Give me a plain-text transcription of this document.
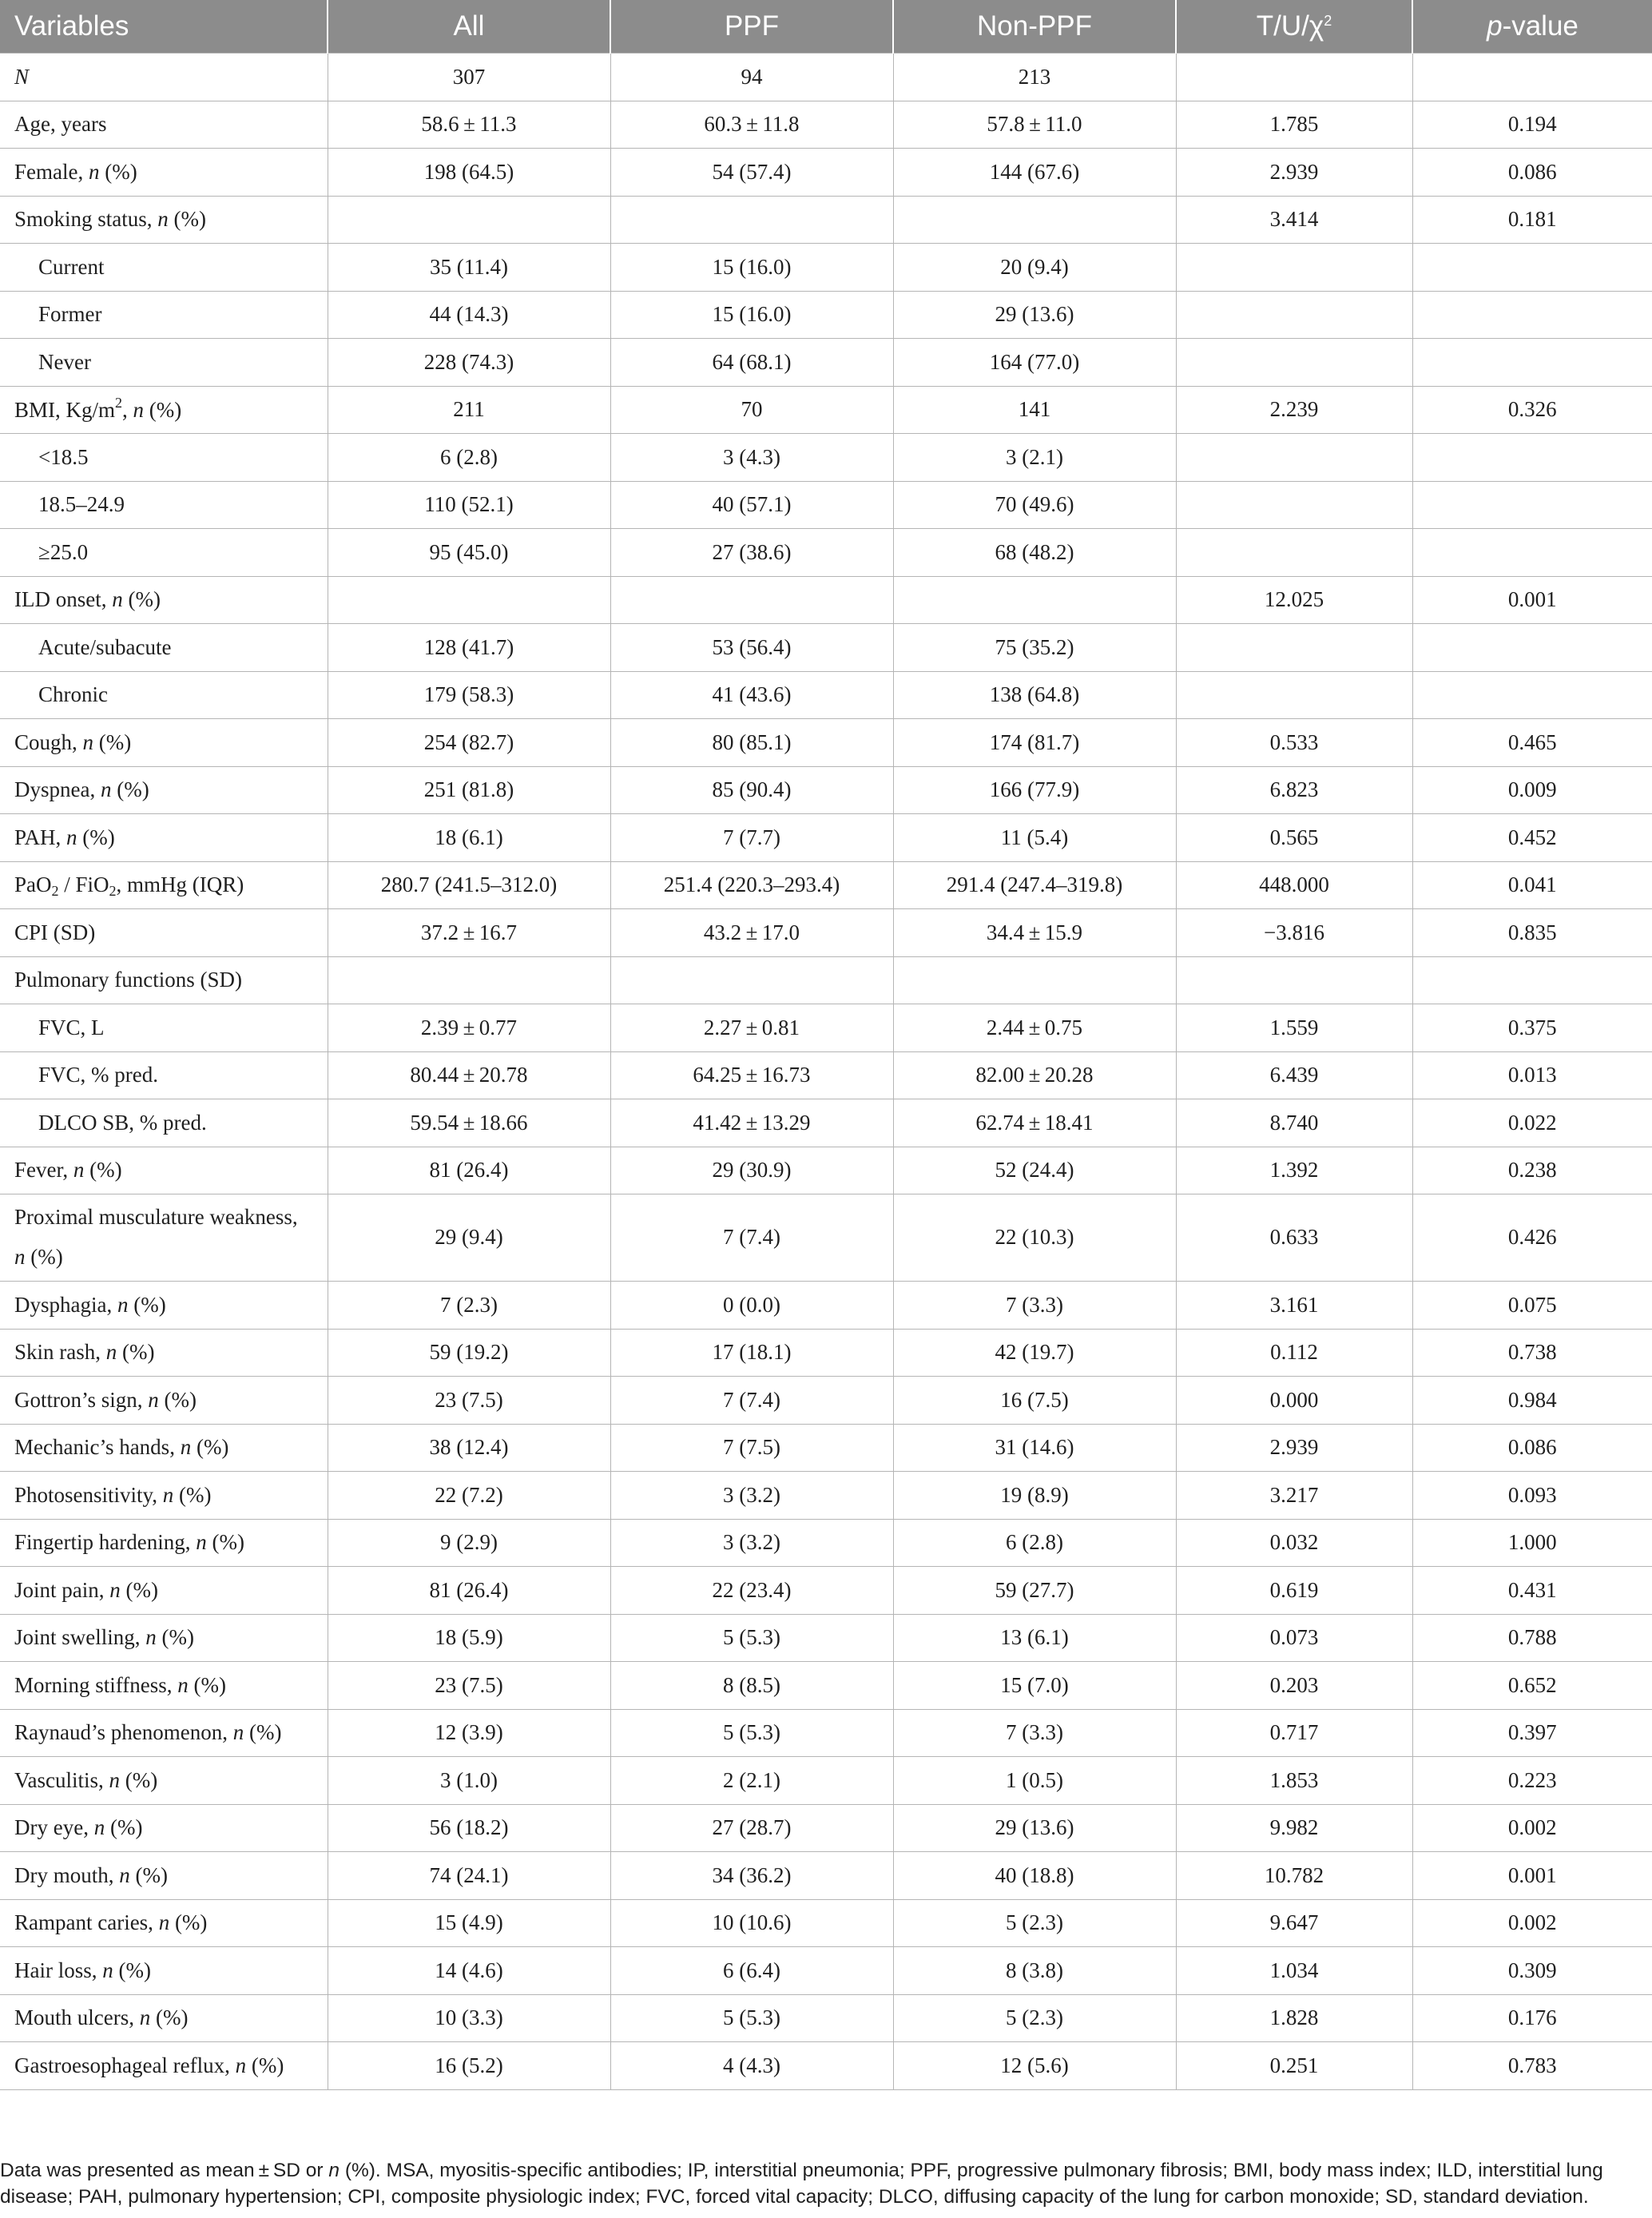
Variables	All	PPF	Non-PPF	$T/U/\chi^2$	p-value
N	307	94	213		
Age, years	58.6 ± 11.3	60.3 ± 11.8	57.8 ± 11.0	1.785	0.194
Female, n (%)	198 (64.5)	54 (57.4)	144 (67.6)	2.939	0.086
Smoking status, n (%)				3.414	0.181
Current	35 (11.4)	15 (16.0)	20 (9.4)		
Former	44 (14.3)	15 (16.0)	29 (13.6)		
Never	228 (74.3)	64 (68.1)	164 (77.0)		
BMI, $Kg/m^2$, n (%)	211	70	141	2.239	0.326
<18.5	6 (2.8)	3 (4.3)	3 (2.1)		
18.5–24.9	110 (52.1)	40 (57.1)	70 (49.6)		
≥25.0	95 (45.0)	27 (38.6)	68 (48.2)		
ILD onset, n (%)				12.025	0.001
Acute/subacute	128 (41.7)	53 (56.4)	75 (35.2)		
Chronic	179 (58.3)	41 (43.6)	138 (64.8)		
Cough, n (%)	254 (82.7)	80 (85.1)	174 (81.7)	0.533	0.465
Dyspnea, n (%)	251 (81.8)	85 (90.4)	166 (77.9)	6.823	0.009
PAH, n (%)	18 (6.1)	7 (7.7)	11 (5.4)	0.565	0.452
PaO$_2$ / FiO$_2$, mmHg (IQR)	280.7 (241.5–312.0)	251.4 (220.3–293.4)	291.4 (247.4–319.8)	448.000	0.041
CPI (SD)	37.2 ± 16.7	43.2 ± 17.0	34.4 ± 15.9	−3.816	0.835
Pulmonary functions (SD)					
FVC, L	2.39 ± 0.77	2.27 ± 0.81	2.44 ± 0.75	1.559	0.375
FVC, % pred.	80.44 ± 20.78	64.25 ± 16.73	82.00 ± 20.28	6.439	0.013
DLCO SB, % pred.	59.54 ± 18.66	41.42 ± 13.29	62.74 ± 18.41	8.740	0.022
Fever, n (%)	81 (26.4)	29 (30.9)	52 (24.4)	1.392	0.238
Proximal musculature weakness, n (%)	29 (9.4)	7 (7.4)	22 (10.3)	0.633	0.426
Dysphagia, n (%)	7 (2.3)	0 (0.0)	7 (3.3)	3.161	0.075
Skin rash, n (%)	59 (19.2)	17 (18.1)	42 (19.7)	0.112	0.738
Gottron’s sign, n (%)	23 (7.5)	7 (7.4)	16 (7.5)	0.000	0.984
Mechanic’s hands, n (%)	38 (12.4)	7 (7.5)	31 (14.6)	2.939	0.086
Photosensitivity, n (%)	22 (7.2)	3 (3.2)	19 (8.9)	3.217	0.093
Fingertip hardening, n (%)	9 (2.9)	3 (3.2)	6 (2.8)	0.032	1.000
Joint pain, n (%)	81 (26.4)	22 (23.4)	59 (27.7)	0.619	0.431
Joint swelling, n (%)	18 (5.9)	5 (5.3)	13 (6.1)	0.073	0.788
Morning stiffness, n (%)	23 (7.5)	8 (8.5)	15 (7.0)	0.203	0.652
Raynaud’s phenomenon, n (%)	12 (3.9)	5 (5.3)	7 (3.3)	0.717	0.397
Vasculitis, n (%)	3 (1.0)	2 (2.1)	1 (0.5)	1.853	0.223
Dry eye, n (%)	56 (18.2)	27 (28.7)	29 (13.6)	9.982	0.002
Dry mouth, n (%)	74 (24.1)	34 (36.2)	40 (18.8)	10.782	0.001
Rampant caries, n (%)	15 (4.9)	10 (10.6)	5 (2.3)	9.647	0.002
Hair loss, n (%)	14 (4.6)	6 (6.4)	8 (3.8)	1.034	0.309
Mouth ulcers, n (%)	10 (3.3)	5 (5.3)	5 (2.3)	1.828	0.176
Gastroesophageal reflux, n (%)	16 (5.2)	4 (4.3)	12 (5.6)	0.251	0.783
Data was presented as mean ± SD or n (%). MSA, myositis-specific antibodies; IP, interstitial pneumonia; PPF, progressive pulmonary fibrosis; BMI, body mass index; ILD, interstitial lung disease; PAH, pulmonary hypertension; CPI, composite physiologic index; FVC, forced vital capacity; DLCO, diffusing capacity of the lung for carbon monoxide; SD, standard deviation.
